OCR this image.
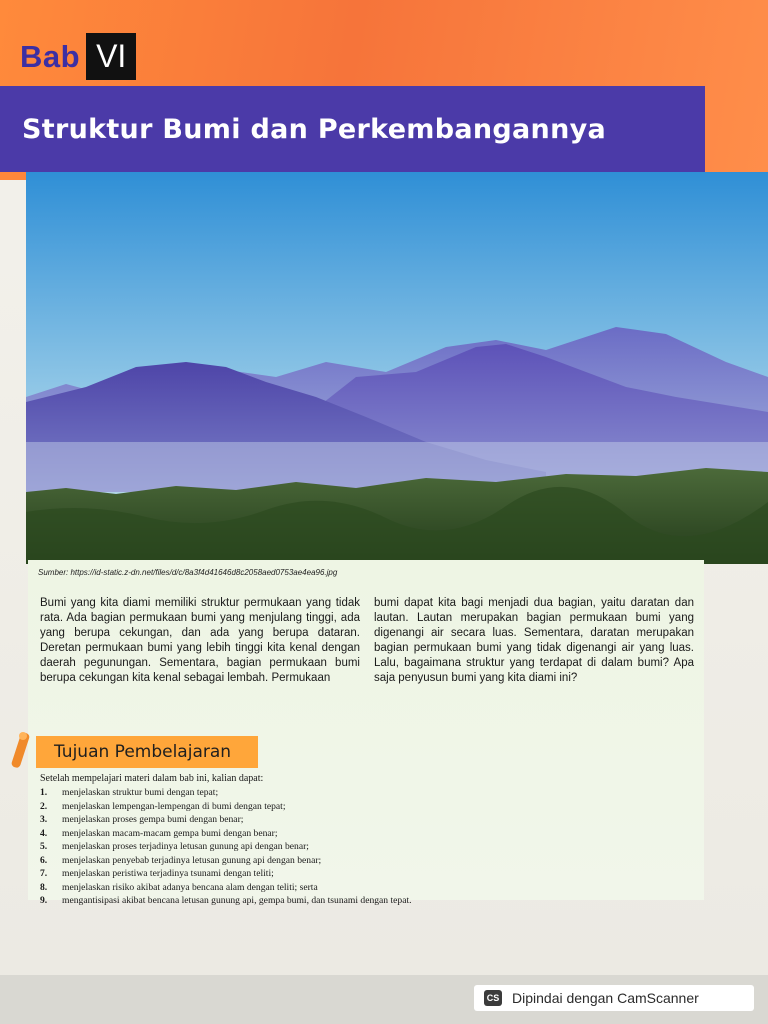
Bab VI
Struktur Bumi dan Perkembangannya
Sumber: https://id-static.z-dn.net/files/d/c/8a3f4d41646d8c2058aed0753ae4ea96.jpg

Bumi yang kita diami memiliki struktur permukaan yang tidak rata. Ada bagian permukaan bumi yang menjulang tinggi, ada yang berupa cekungan, dan ada yang berupa dataran. Deretan permukaan bumi yang lebih tinggi kita kenal dengan daerah pegunungan. Sementara, bagian permukaan bumi berupa cekungan kita kenal sebagai lembah. Permukaan

bumi dapat kita bagi menjadi dua bagian, yaitu daratan dan lautan. Lautan merupakan bagian permukaan bumi yang digenangi air secara luas. Sementara, daratan merupakan bagian permukaan bumi yang tidak digenangi air yang luas. Lalu, bagaimana struktur yang terdapat di dalam bumi? Apa saja penyusun bumi yang kita diami ini?

Tujuan Pembelajaran
Setelah mempelajari materi dalam bab ini, kalian dapat:
1.	menjelaskan struktur bumi dengan tepat;
2.	menjelaskan lempengan-lempengan di bumi dengan tepat;
3.	menjelaskan proses gempa bumi dengan benar;
4.	menjelaskan macam-macam gempa bumi dengan benar;
5.	menjelaskan proses terjadinya letusan gunung api dengan benar;
6.	menjelaskan penyebab terjadinya letusan gunung api dengan benar;
7.	menjelaskan peristiwa terjadinya tsunami dengan teliti;
8.	menjelaskan risiko akibat adanya bencana alam dengan teliti; serta
9.	mengantisipasi akibat bencana letusan gunung api, gempa bumi, dan tsunami dengan tepat.
CS Dipindai dengan CamScanner
